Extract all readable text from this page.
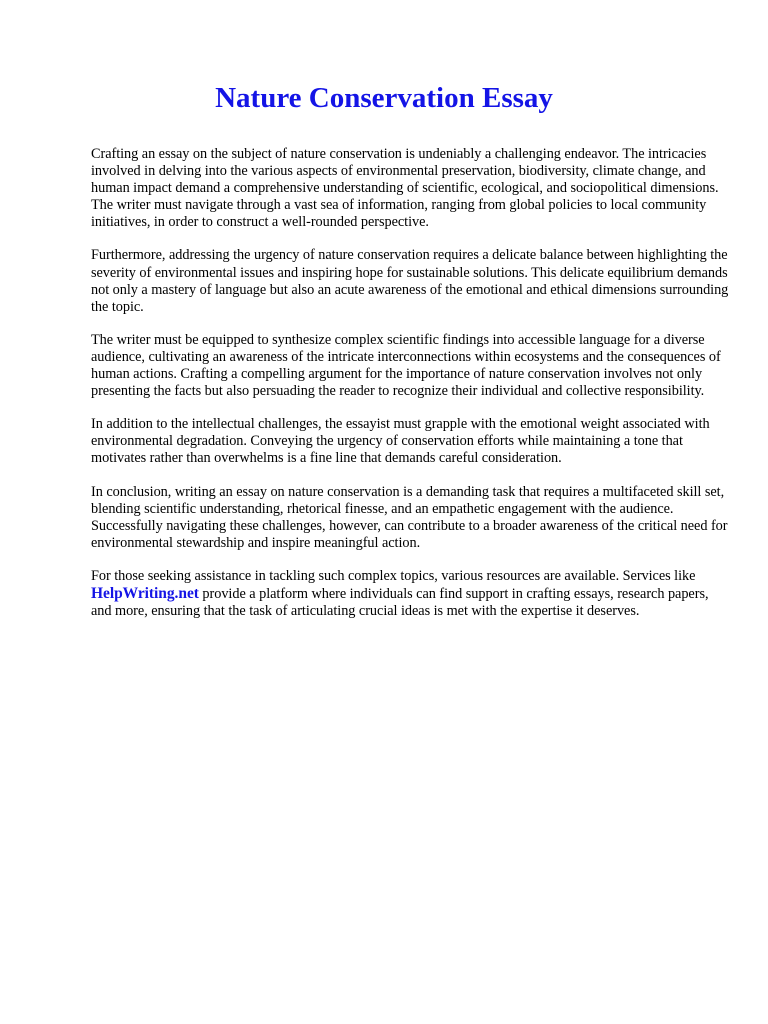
Nature Conservation Essay

Crafting an essay on the subject of nature conservation is undeniably a challenging endeavor. The intricacies involved in delving into the various aspects of environmental preservation, biodiversity, climate change, and human impact demand a comprehensive understanding of scientific, ecological, and sociopolitical dimensions. The writer must navigate through a vast sea of information, ranging from global policies to local community initiatives, in order to construct a well-rounded perspective.

Furthermore, addressing the urgency of nature conservation requires a delicate balance between highlighting the severity of environmental issues and inspiring hope for sustainable solutions. This delicate equilibrium demands not only a mastery of language but also an acute awareness of the emotional and ethical dimensions surrounding the topic.

The writer must be equipped to synthesize complex scientific findings into accessible language for a diverse audience, cultivating an awareness of the intricate interconnections within ecosystems and the consequences of human actions. Crafting a compelling argument for the importance of nature conservation involves not only presenting the facts but also persuading the reader to recognize their individual and collective responsibility.

In addition to the intellectual challenges, the essayist must grapple with the emotional weight associated with environmental degradation. Conveying the urgency of conservation efforts while maintaining a tone that motivates rather than overwhelms is a fine line that demands careful consideration.

In conclusion, writing an essay on nature conservation is a demanding task that requires a multifaceted skill set, blending scientific understanding, rhetorical finesse, and an empathetic engagement with the audience. Successfully navigating these challenges, however, can contribute to a broader awareness of the critical need for environmental stewardship and inspire meaningful action.

For those seeking assistance in tackling such complex topics, various resources are available. Services like HelpWriting.net provide a platform where individuals can find support in crafting essays, research papers, and more, ensuring that the task of articulating crucial ideas is met with the expertise it deserves.
